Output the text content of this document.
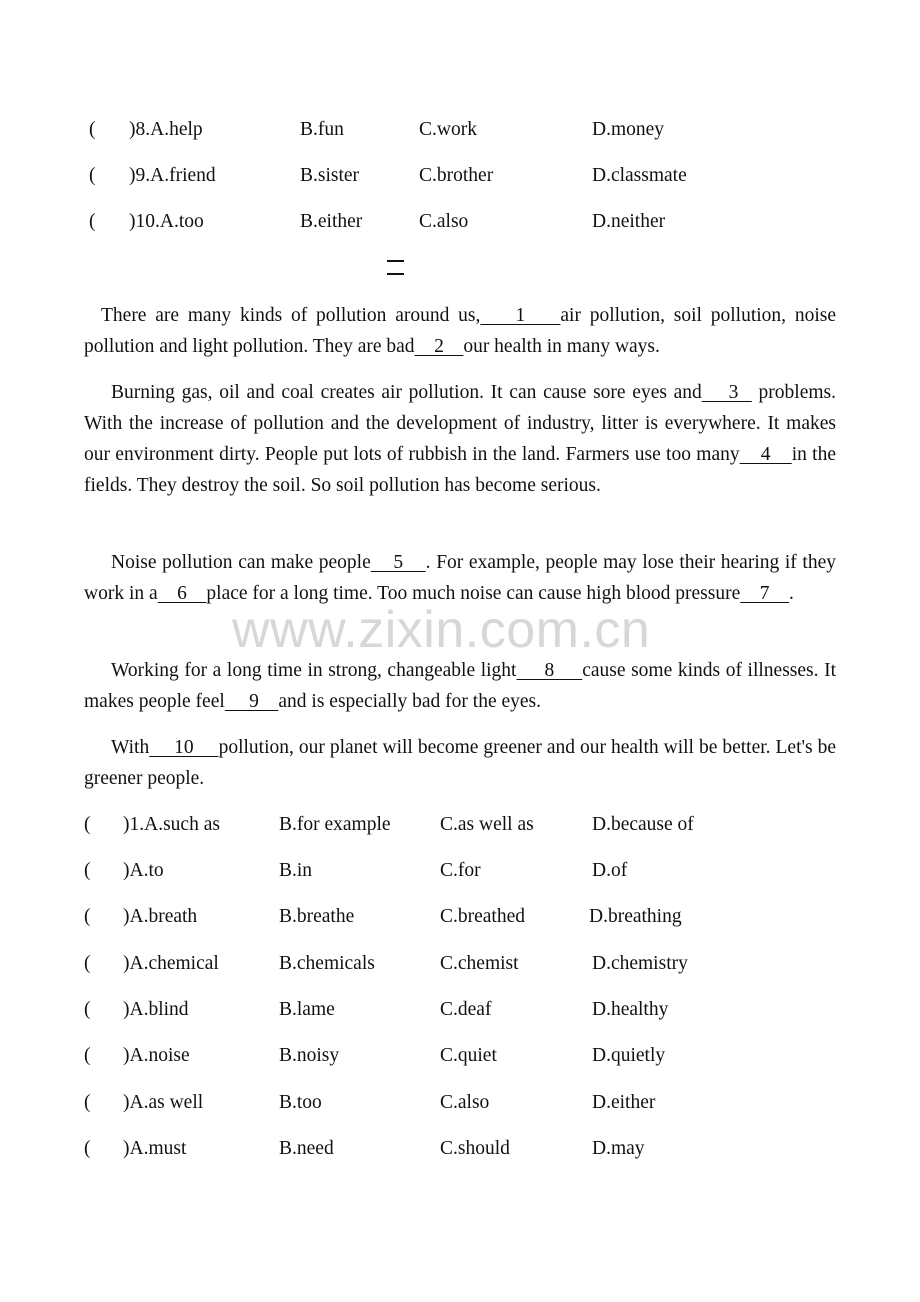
( )8.A.help	B.fun	C.work	D.money
( )9.A.friend	B.sister	C.brother	D.classmate
( )10.A.too	B.either	C.also	D.neither

There are many kinds of pollution around us,    1    air pollution, soil pollution, noise pollution and light pollution. They are bad    2    our health in many ways.

Burning gas, oil and coal creates air pollution. It can cause sore eyes and    3   problems. With the increase of pollution and the development of industry, litter is everywhere. It makes our environment dirty. People put lots of rubbish in the land. Farmers use too many    4    in the fields. They destroy the soil. So soil pollution has become serious.

Noise pollution can make people    5    . For example, people may lose their hearing if they work in a    6    place for a long time. Too much noise can cause high blood pressure    7    .

Working for a long time in strong, changeable light     8     cause some kinds of illnesses. It makes people feel     9    and is especially bad for the eyes.

With     10     pollution, our planet will become greener and our health will be better. Let's be greener people.

( )1.A.such as	B.for example	C.as well as	D.because of
( )A.to	B.in	C.for	D.of
( )A.breath	B.breathe	C.breathed	D.breathing
( )A.chemical	B.chemicals	C.chemist	D.chemistry
( )A.blind	B.lame	C.deaf	D.healthy
( )A.noise	B.noisy	C.quiet	D.quietly
( )A.as well	B.too	C.also	D.either
( )A.must	B.need	C.should	D.may
www.zixin.com.cn
